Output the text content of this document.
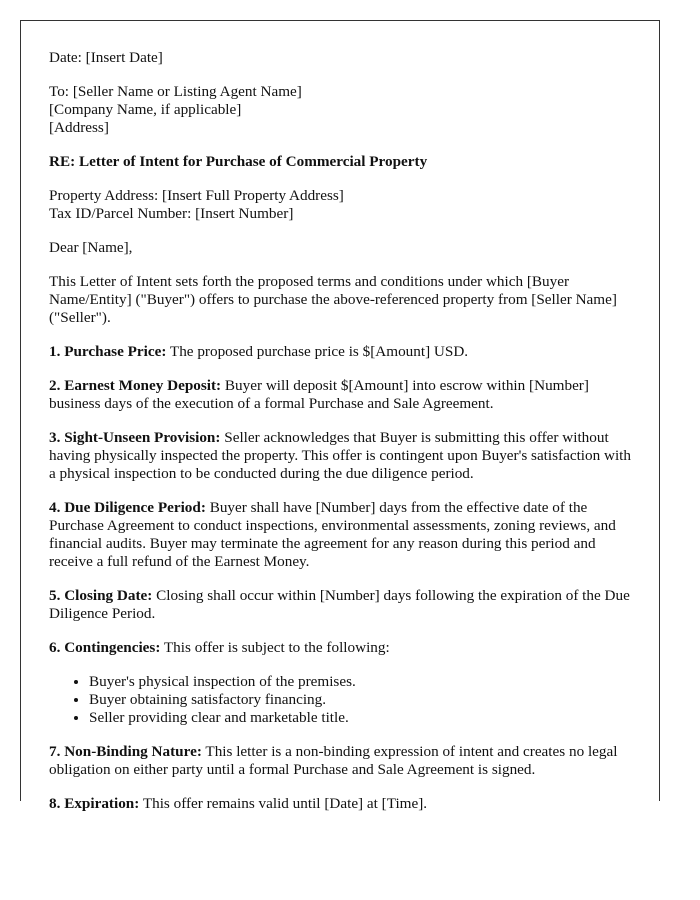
Date: [Insert Date]

To: [Seller Name or Listing Agent Name]

[Company Name, if applicable]

[Address]

RE: Letter of Intent for Purchase of Commercial Property

Property Address: [Insert Full Property Address]

Tax ID/Parcel Number: [Insert Number]

Dear [Name],

This Letter of Intent sets forth the proposed terms and conditions under which [Buyer Name/Entity] ("Buyer") offers to purchase the above-referenced property from [Seller Name] ("Seller").

1. Purchase Price: The proposed purchase price is $[Amount] USD.

2. Earnest Money Deposit: Buyer will deposit $[Amount] into escrow within [Number] business days of the execution of a formal Purchase and Sale Agreement.

3. Sight-Unseen Provision: Seller acknowledges that Buyer is submitting this offer without having physically inspected the property. This offer is contingent upon Buyer's satisfaction with a physical inspection to be conducted during the due diligence period.

4. Due Diligence Period: Buyer shall have [Number] days from the effective date of the Purchase Agreement to conduct inspections, environmental assessments, zoning reviews, and financial audits. Buyer may terminate the agreement for any reason during this period and receive a full refund of the Earnest Money.

5. Closing Date: Closing shall occur within [Number] days following the expiration of the Due Diligence Period.

6. Contingencies: This offer is subject to the following:

• Buyer's physical inspection of the premises.
• Buyer obtaining satisfactory financing.
• Seller providing clear and marketable title.

7. Non-Binding Nature: This letter is a non-binding expression of intent and creates no legal obligation on either party until a formal Purchase and Sale Agreement is signed.

8. Expiration: This offer remains valid until [Date] at [Time].
